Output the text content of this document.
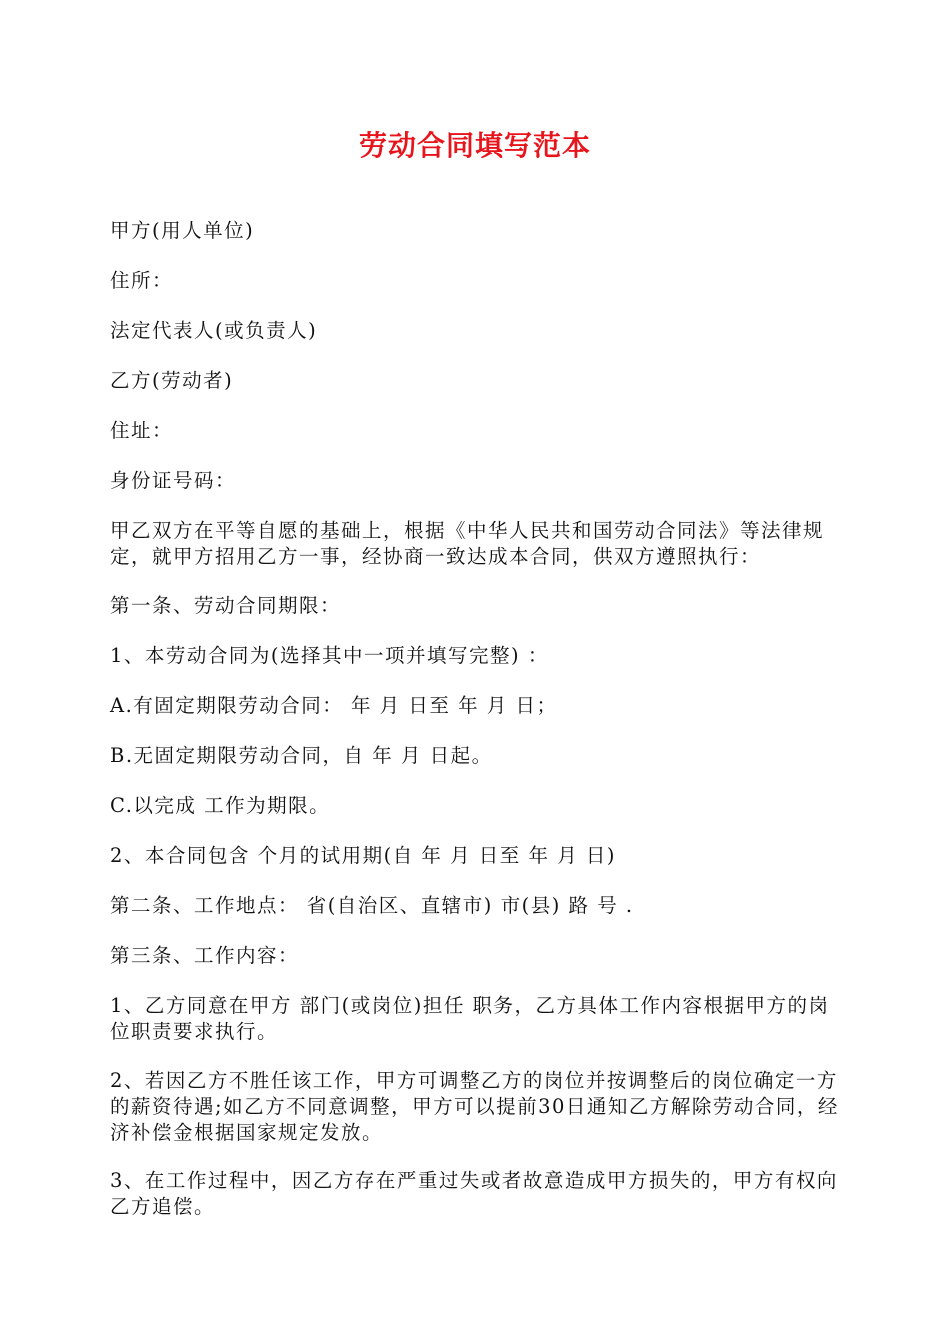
劳动合同填写范本
甲方(用人单位)
住所：
法定代表人(或负责人)
乙方(劳动者)
住址：
身份证号码：
甲乙双方在平等自愿的基础上，根据《中华人民共和国劳动合同法》等法律规定，就甲方招用乙方一事，经协商一致达成本合同，供双方遵照执行：
第一条、劳动合同期限：
1、本劳动合同为(选择其中一项并填写完整) ：
A.有固定期限劳动合同： 年 月 日至 年 月 日；
B.无固定期限劳动合同，自 年 月 日起。
C.以完成 工作为期限。
2、本合同包含 个月的试用期(自 年 月 日至 年 月 日)
第二条、工作地点： 省(自治区、直辖市) 市(县) 路 号 .
第三条、工作内容：
1、乙方同意在甲方 部门(或岗位)担任 职务，乙方具体工作内容根据甲方的岗位职责要求执行。
2、若因乙方不胜任该工作，甲方可调整乙方的岗位并按调整后的岗位确定一方的薪资待遇;如乙方不同意调整，甲方可以提前30日通知乙方解除劳动合同，经济补偿金根据国家规定发放。
3、在工作过程中，因乙方存在严重过失或者故意造成甲方损失的，甲方有权向乙方追偿。
